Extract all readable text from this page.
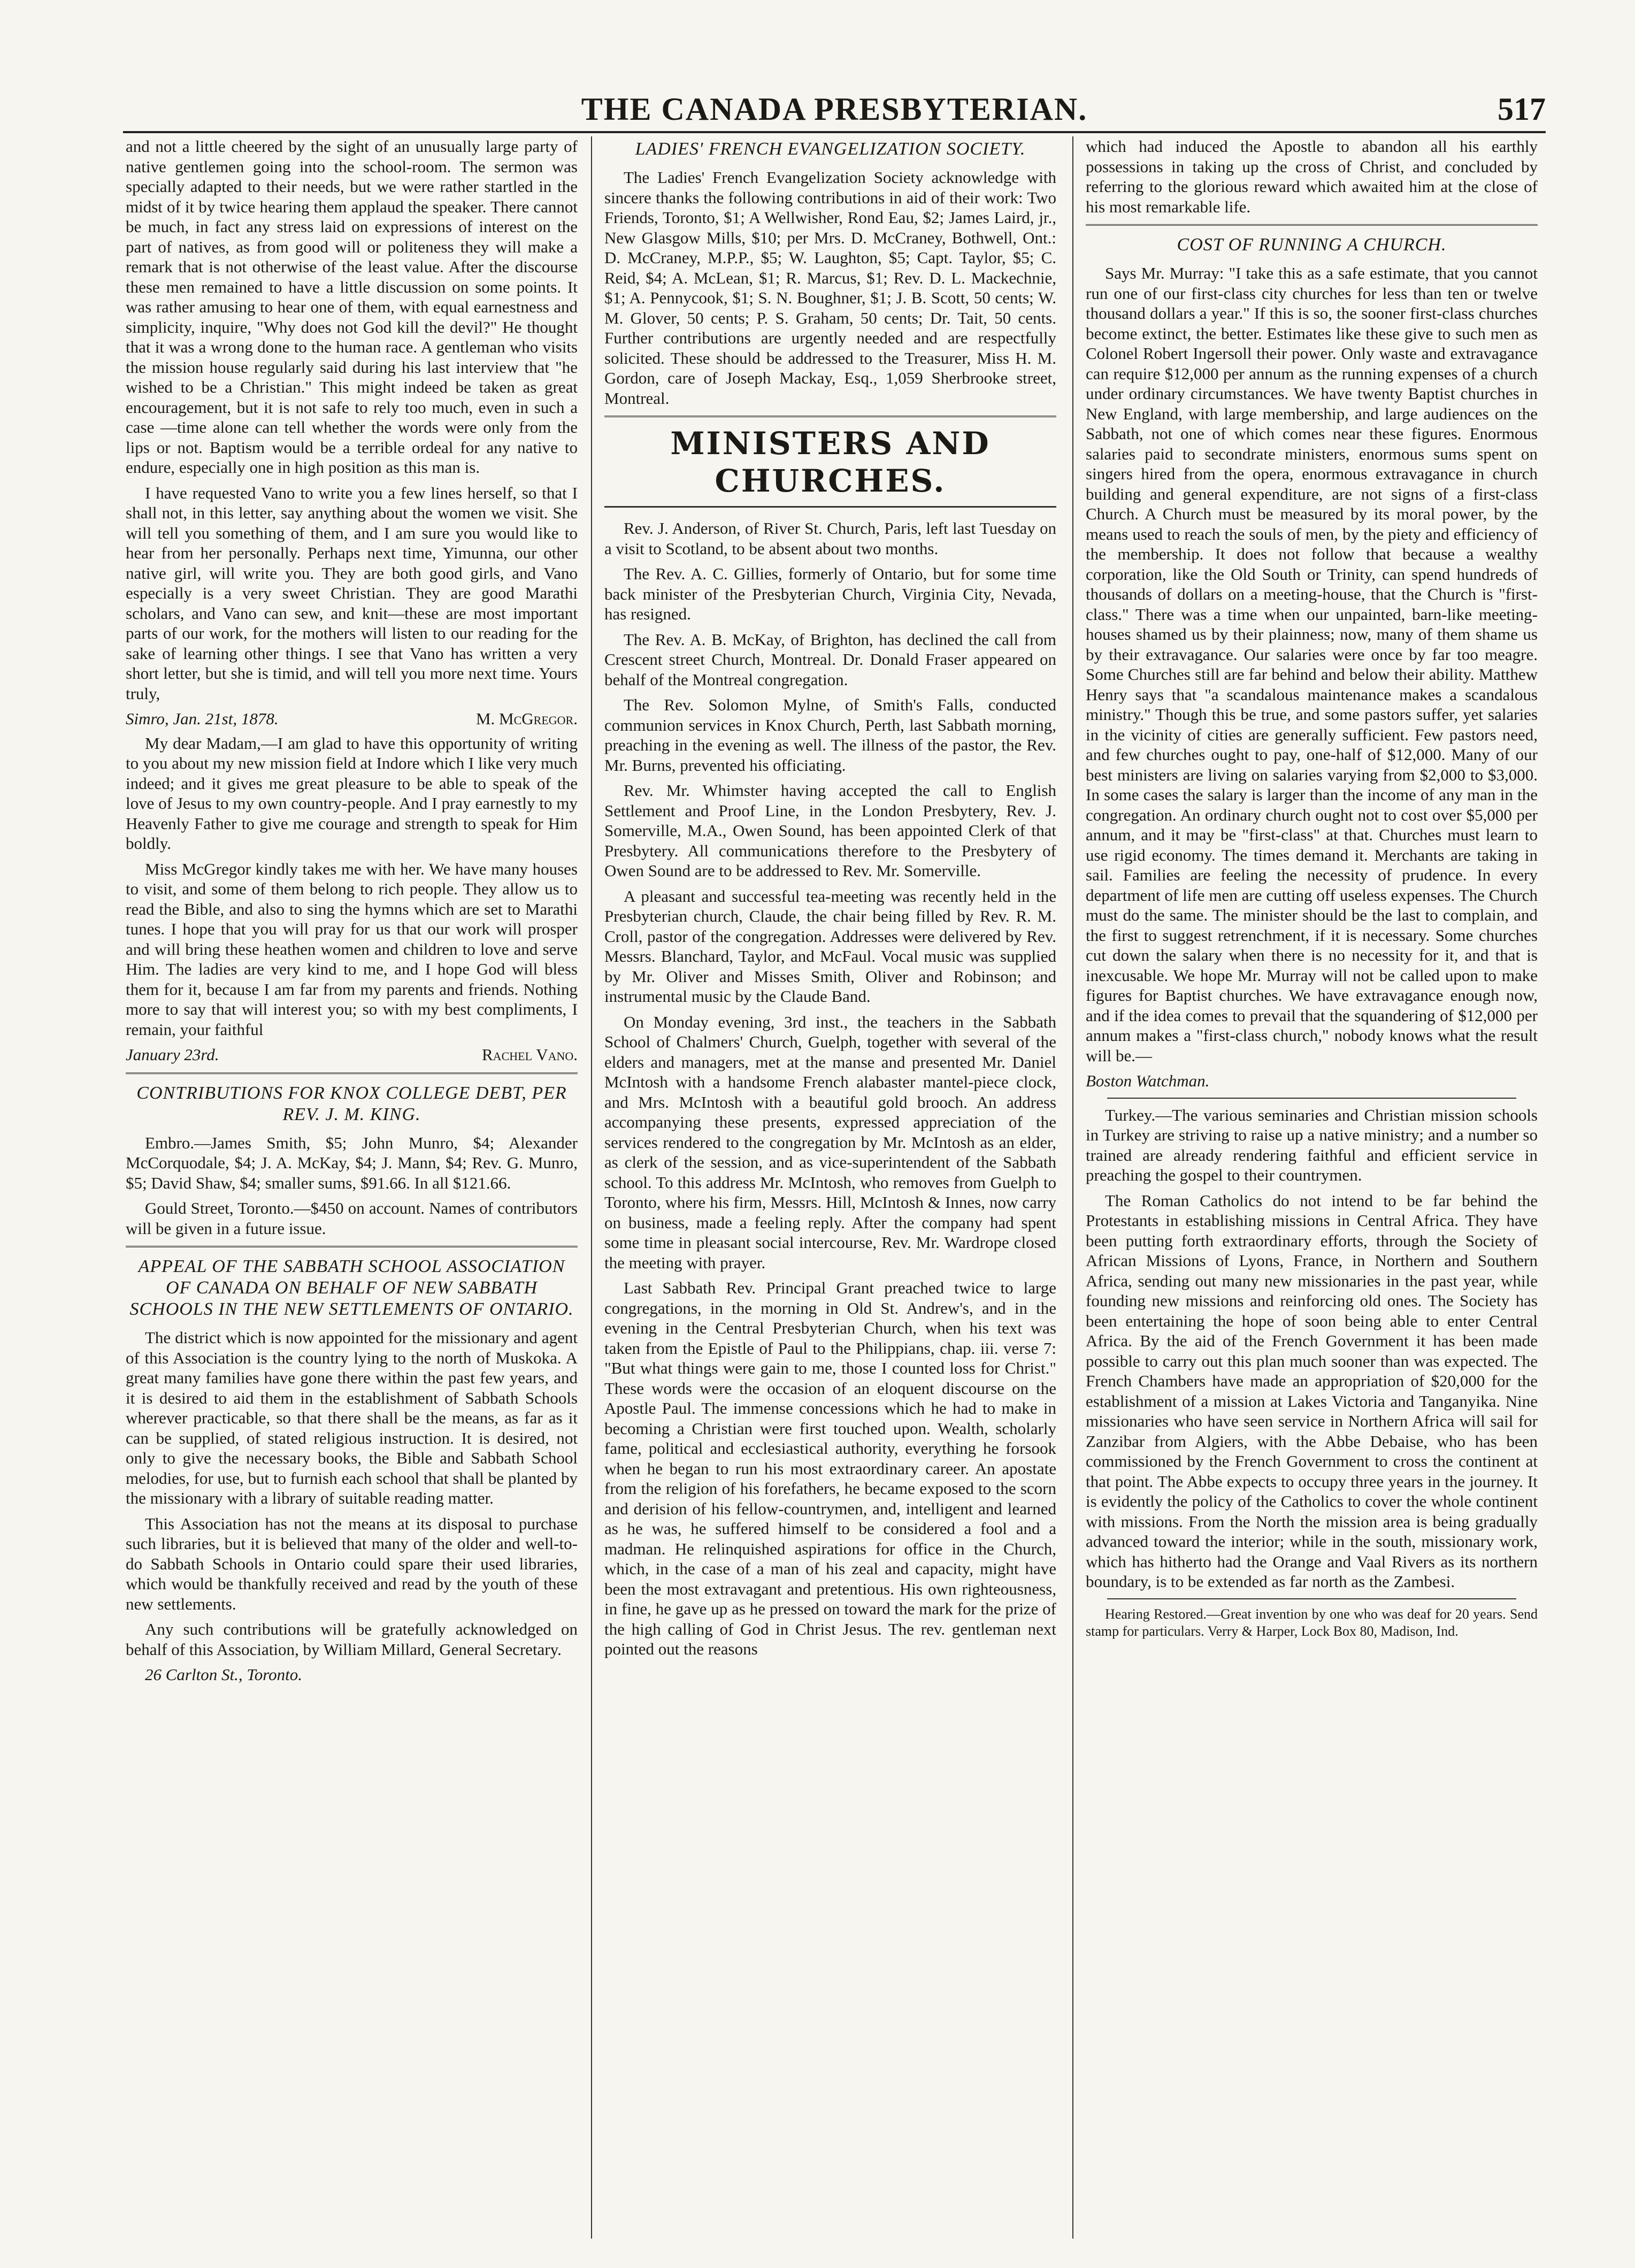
THE CANADA PRESBYTERIAN.	517

and not a little cheered by the sight of an unusually large party of native gentlemen going into the school-room. The sermon was specially adapted to their needs, but we were rather startled in the midst of it by twice hearing them applaud the speaker. There cannot be much, in fact any stress laid on expressions of interest on the part of natives, as from good will or politeness they will make a remark that is not otherwise of the least value. After the discourse these men remained to have a little discussion on some points. It was rather amusing to hear one of them, with equal earnestness and simplicity, inquire, "Why does not God kill the devil?" He thought that it was a wrong done to the human race. A gentleman who visits the mission house regularly said during his last interview that "he wished to be a Christian." This might indeed be taken as great encouragement, but it is not safe to rely too much, even in such a case —time alone can tell whether the words were only from the lips or not. Baptism would be a terrible ordeal for any native to endure, especially one in high position as this man is.

I have requested Vano to write you a few lines herself, so that I shall not, in this letter, say anything about the women we visit. She will tell you something of them, and I am sure you would like to hear from her personally. Perhaps next time, Yimunna, our other native girl, will write you. They are both good girls, and Vano especially is a very sweet Christian. They are good Marathi scholars, and Vano can sew, and knit—these are most important parts of our work, for the mothers will listen to our reading for the sake of learning other things. I see that Vano has written a very short letter, but she is timid, and will tell you more next time. Yours truly,

Simro, Jan. 21st, 1878.	M. McGregor.

My dear Madam,—I am glad to have this opportunity of writing to you about my new mission field at Indore which I like very much indeed; and it gives me great pleasure to be able to speak of the love of Jesus to my own country-people. And I pray earnestly to my Heavenly Father to give me courage and strength to speak for Him boldly.

Miss McGregor kindly takes me with her. We have many houses to visit, and some of them belong to rich people. They allow us to read the Bible, and also to sing the hymns which are set to Marathi tunes. I hope that you will pray for us that our work will prosper and will bring these heathen women and children to love and serve Him. The ladies are very kind to me, and I hope God will bless them for it, because I am far from my parents and friends. Nothing more to say that will interest you; so with my best compliments, I remain, your faithful

January 23rd.	Rachel Vano.
CONTRIBUTIONS FOR KNOX COLLEGE DEBT, PER REV. J. M. KING.

Embro.—James Smith, $5; John Munro, $4; Alexander McCorquodale, $4; J. A. McKay, $4; J. Mann, $4; Rev. G. Munro, $5; David Shaw, $4; smaller sums, $91.66. In all $121.66.

Gould Street, Toronto.—$450 on account. Names of contributors will be given in a future issue.

APPEAL OF THE SABBATH SCHOOL ASSOCIATION OF CANADA ON BEHALF OF NEW SABBATH SCHOOLS IN THE NEW SETTLEMENTS OF ONTARIO.

The district which is now appointed for the missionary and agent of this Association is the country lying to the north of Muskoka. A great many families have gone there within the past few years, and it is desired to aid them in the establishment of Sabbath Schools wherever practicable, so that there shall be the means, as far as it can be supplied, of stated religious instruction. It is desired, not only to give the necessary books, the Bible and Sabbath School melodies, for use, but to furnish each school that shall be planted by the missionary with a library of suitable reading matter.

This Association has not the means at its disposal to purchase such libraries, but it is believed that many of the older and well-to-do Sabbath Schools in Ontario could spare their used libraries, which would be thankfully received and read by the youth of these new settlements.

Any such contributions will be gratefully acknowledged on behalf of this Association, by William Millard, General Secretary.

26 Carlton St., Toronto.

LADIES' FRENCH EVANGELIZATION SOCIETY.

The Ladies' French Evangelization Society acknowledge with sincere thanks the following contributions in aid of their work: Two Friends, Toronto, $1; A Wellwisher, Rond Eau, $2; James Laird, jr., New Glasgow Mills, $10; per Mrs. D. McCraney, Bothwell, Ont.: D. McCraney, M.P.P., $5; W. Laughton, $5; Capt. Taylor, $5; C. Reid, $4; A. McLean, $1; R. Marcus, $1; Rev. D. L. Mackechnie, $1; A. Pennycook, $1; S. N. Boughner, $1; J. B. Scott, 50 cents; W. M. Glover, 50 cents; P. S. Graham, 50 cents; Dr. Tait, 50 cents. Further contributions are urgently needed and are respectfully solicited. These should be addressed to the Treasurer, Miss H. M. Gordon, care of Joseph Mackay, Esq., 1,059 Sherbrooke street, Montreal.

MINISTERS AND CHURCHES.

Rev. J. Anderson, of River St. Church, Paris, left last Tuesday on a visit to Scotland, to be absent about two months.

The Rev. A. C. Gillies, formerly of Ontario, but for some time back minister of the Presbyterian Church, Virginia City, Nevada, has resigned.

The Rev. A. B. McKay, of Brighton, has declined the call from Crescent street Church, Montreal. Dr. Donald Fraser appeared on behalf of the Montreal congregation.

The Rev. Solomon Mylne, of Smith's Falls, conducted communion services in Knox Church, Perth, last Sabbath morning, preaching in the evening as well. The illness of the pastor, the Rev. Mr. Burns, prevented his officiating.

Rev. Mr. Whimster having accepted the call to English Settlement and Proof Line, in the London Presbytery, Rev. J. Somerville, M.A., Owen Sound, has been appointed Clerk of that Presbytery. All communications therefore to the Presbytery of Owen Sound are to be addressed to Rev. Mr. Somerville.

A pleasant and successful tea-meeting was recently held in the Presbyterian church, Claude, the chair being filled by Rev. R. M. Croll, pastor of the congregation. Addresses were delivered by Rev. Messrs. Blanchard, Taylor, and McFaul. Vocal music was supplied by Mr. Oliver and Misses Smith, Oliver and Robinson; and instrumental music by the Claude Band.

On Monday evening, 3rd inst., the teachers in the Sabbath School of Chalmers' Church, Guelph, together with several of the elders and managers, met at the manse and presented Mr. Daniel McIntosh with a handsome French alabaster mantel-piece clock, and Mrs. McIntosh with a beautiful gold brooch. An address accompanying these presents, expressed appreciation of the services rendered to the congregation by Mr. McIntosh as an elder, as clerk of the session, and as vice-superintendent of the Sabbath school. To this address Mr. McIntosh, who removes from Guelph to Toronto, where his firm, Messrs. Hill, McIntosh & Innes, now carry on business, made a feeling reply. After the company had spent some time in pleasant social intercourse, Rev. Mr. Wardrope closed the meeting with prayer.

Last Sabbath Rev. Principal Grant preached twice to large congregations, in the morning in Old St. Andrew's, and in the evening in the Central Presbyterian Church, when his text was taken from the Epistle of Paul to the Philippians, chap. iii. verse 7: "But what things were gain to me, those I counted loss for Christ." These words were the occasion of an eloquent discourse on the Apostle Paul. The immense concessions which he had to make in becoming a Christian were first touched upon. Wealth, scholarly fame, political and ecclesiastical authority, everything he forsook when he began to run his most extraordinary career. An apostate from the religion of his forefathers, he became exposed to the scorn and derision of his fellow-countrymen, and, intelligent and learned as he was, he suffered himself to be considered a fool and a madman. He relinquished aspirations for office in the Church, which, in the case of a man of his zeal and capacity, might have been the most extravagant and pretentious. His own righteousness, in fine, he gave up as he pressed on toward the mark for the prize of the high calling of God in Christ Jesus. The rev. gentleman next pointed out the reasons

which had induced the Apostle to abandon all his earthly possessions in taking up the cross of Christ, and concluded by referring to the glorious reward which awaited him at the close of his most remarkable life.

COST OF RUNNING A CHURCH.

Says Mr. Murray: "I take this as a safe estimate, that you cannot run one of our first-class city churches for less than ten or twelve thousand dollars a year." If this is so, the sooner first-class churches become extinct, the better. Estimates like these give to such men as Colonel Robert Ingersoll their power. Only waste and extravagance can require $12,000 per annum as the running expenses of a church under ordinary circumstances. We have twenty Baptist churches in New England, with large membership, and large audiences on the Sabbath, not one of which comes near these figures. Enormous salaries paid to secondrate ministers, enormous sums spent on singers hired from the opera, enormous extravagance in church building and general expenditure, are not signs of a first-class Church. A Church must be measured by its moral power, by the means used to reach the souls of men, by the piety and efficiency of the membership. It does not follow that because a wealthy corporation, like the Old South or Trinity, can spend hundreds of thousands of dollars on a meeting-house, that the Church is "first-class." There was a time when our unpainted, barn-like meeting-houses shamed us by their plainness; now, many of them shame us by their extravagance. Our salaries were once by far too meagre. Some Churches still are far behind and below their ability. Matthew Henry says that "a scandalous maintenance makes a scandalous ministry." Though this be true, and some pastors suffer, yet salaries in the vicinity of cities are generally sufficient. Few pastors need, and few churches ought to pay, one-half of $12,000. Many of our best ministers are living on salaries varying from $2,000 to $3,000. In some cases the salary is larger than the income of any man in the congregation. An ordinary church ought not to cost over $5,000 per annum, and it may be "first-class" at that. Churches must learn to use rigid economy. The times demand it. Merchants are taking in sail. Families are feeling the necessity of prudence. In every department of life men are cutting off useless expenses. The Church must do the same. The minister should be the last to complain, and the first to suggest retrenchment, if it is necessary. Some churches cut down the salary when there is no necessity for it, and that is inexcusable. We hope Mr. Murray will not be called upon to make figures for Baptist churches. We have extravagance enough now, and if the idea comes to prevail that the squandering of $12,000 per annum makes a "first-class church," nobody knows what the result will be.—

Boston Watchman.

Turkey.—The various seminaries and Christian mission schools in Turkey are striving to raise up a native ministry; and a number so trained are already rendering faithful and efficient service in preaching the gospel to their countrymen.

The Roman Catholics do not intend to be far behind the Protestants in establishing missions in Central Africa. They have been putting forth extraordinary efforts, through the Society of African Missions of Lyons, France, in Northern and Southern Africa, sending out many new missionaries in the past year, while founding new missions and reinforcing old ones. The Society has been entertaining the hope of soon being able to enter Central Africa. By the aid of the French Government it has been made possible to carry out this plan much sooner than was expected. The French Chambers have made an appropriation of $20,000 for the establishment of a mission at Lakes Victoria and Tanganyika. Nine missionaries who have seen service in Northern Africa will sail for Zanzibar from Algiers, with the Abbe Debaise, who has been commissioned by the French Government to cross the continent at that point. The Abbe expects to occupy three years in the journey. It is evidently the policy of the Catholics to cover the whole continent with missions. From the North the mission area is being gradually advanced toward the interior; while in the south, missionary work, which has hitherto had the Orange and Vaal Rivers as its northern boundary, is to be extended as far north as the Zambesi.

Hearing Restored.—Great invention by one who was deaf for 20 years. Send stamp for particulars. Verry & Harper, Lock Box 80, Madison, Ind.
